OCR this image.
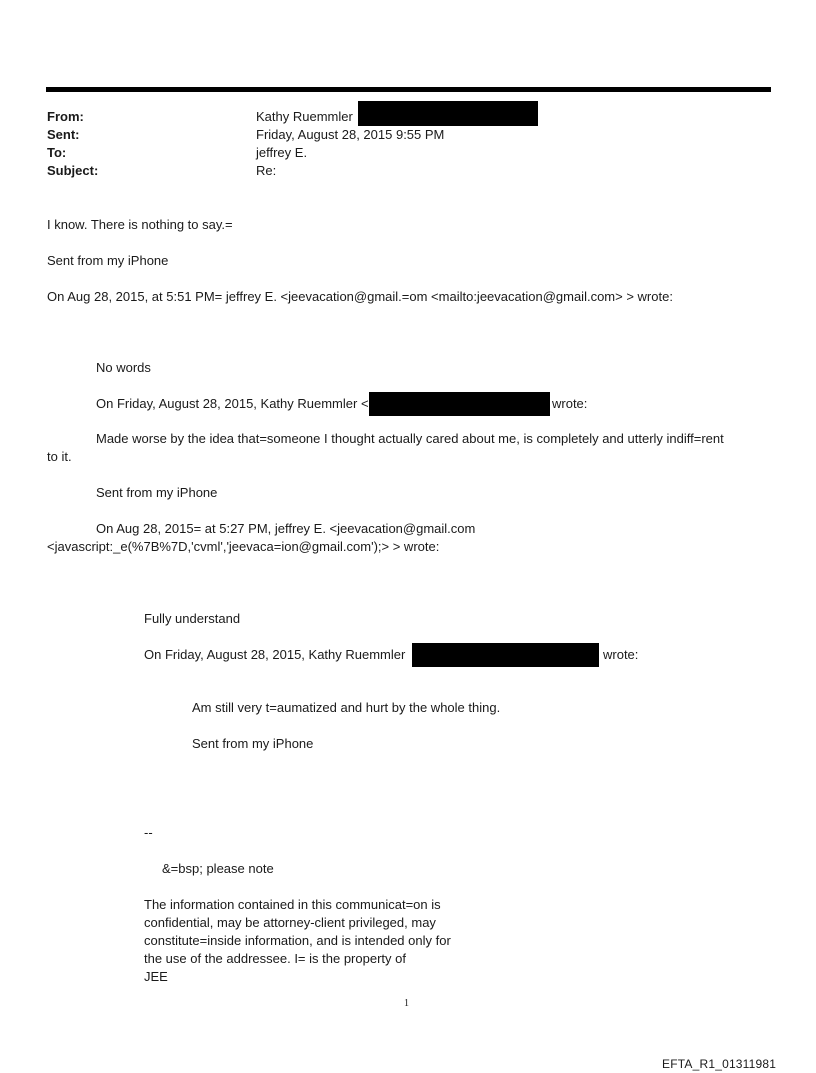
From:	Kathy Ruemmler
Sent:	Friday, August 28, 2015 9:55 PM
To:	jeffrey E.
Subject:	Re:
I know. There is nothing to say.=
Sent from my iPhone
On Aug 28, 2015, at 5:51 PM= jeffrey E. <jeevacation@gmail.=om <mailto:jeevacation@gmail.com> > wrote:
No words
On Friday, August 28, 2015, Kathy Ruemmler <	wrote:
Made worse by the idea that=someone I thought actually cared about me, is completely and utterly indiff=rent
to it.
Sent from my iPhone
On Aug 28, 2015= at 5:27 PM, jeffrey E. <jeevacation@gmail.com
<javascript:_e(%7B%7D,'cvml','jeevaca=ion@gmail.com');> > wrote:
Fully understand
On Friday, August 28, 2015, Kathy Ruemmler	wrote:
Am still very t=aumatized and hurt by the whole thing.
Sent from my iPhone
--
&=bsp; please note
The information contained in this communicat=on is
confidential, may be attorney-client privileged, may
constitute=inside information, and is intended only for
the use of the addressee. I= is the property of
JEE
1
EFTA_R1_01311981
